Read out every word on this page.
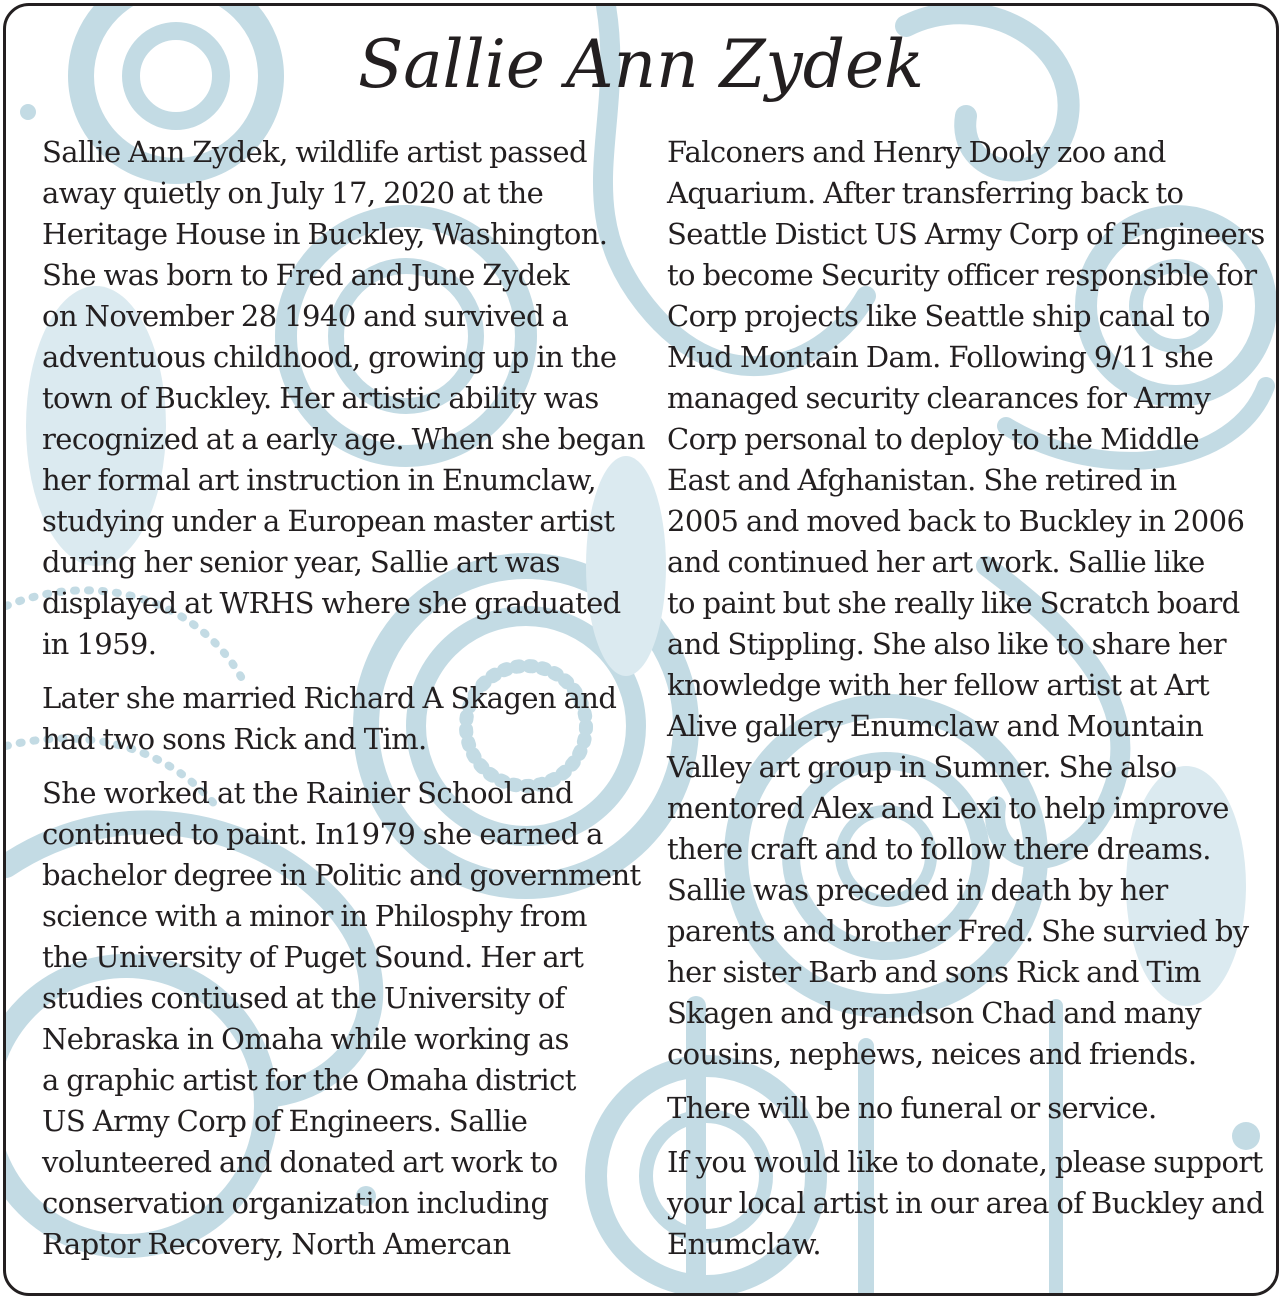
Sallie Ann Zydek
Sallie Ann Zydek, wildlife artist passed
away quietly on July 17, 2020 at the
Heritage House in Buckley, Washington.
She was born to Fred and June Zydek
on November 28 1940 and survived a
adventuous childhood, growing up in the
town of Buckley. Her artistic ability was
recognized at a early age. When she began
her formal art instruction in Enumclaw,
studying under a European master artist
during her senior year, Sallie art was
displayed at WRHS where she graduated
in 1959.
Later she married Richard A Skagen and
had two sons Rick and Tim.
She worked at the Rainier School and
continued to paint. In1979 she earned a
bachelor degree in Politic and government
science with a minor in Philosphy from
the University of Puget Sound. Her art
studies contiused at the University of
Nebraska in Omaha while working as
a graphic artist for the Omaha district
US Army Corp of Engineers. Sallie
volunteered and donated art work to
conservation organization including
Raptor Recovery, North Amercan
Falconers and Henry Dooly zoo and
Aquarium. After transferring back to
Seattle Distict US Army Corp of Engineers
to become Security officer responsible for
Corp projects like Seattle ship canal to
Mud Montain Dam. Following 9/11 she
managed security clearances for Army
Corp personal to deploy to the Middle
East and Afghanistan. She retired in
2005 and moved back to Buckley in 2006
and continued her art work. Sallie like
to paint but she really like Scratch board
and Stippling. She also like to share her
knowledge with her fellow artist at Art
Alive gallery Enumclaw and Mountain
Valley art group in Sumner. She also
mentored Alex and Lexi to help improve
there craft and to follow there dreams.
Sallie was preceded in death by her
parents and brother Fred. She survied by
her sister Barb and sons Rick and Tim
Skagen and grandson Chad and many
cousins, nephews, neices and friends.
There will be no funeral or service.
If you would like to donate, please support
your local artist in our area of Buckley and
Enumclaw.
